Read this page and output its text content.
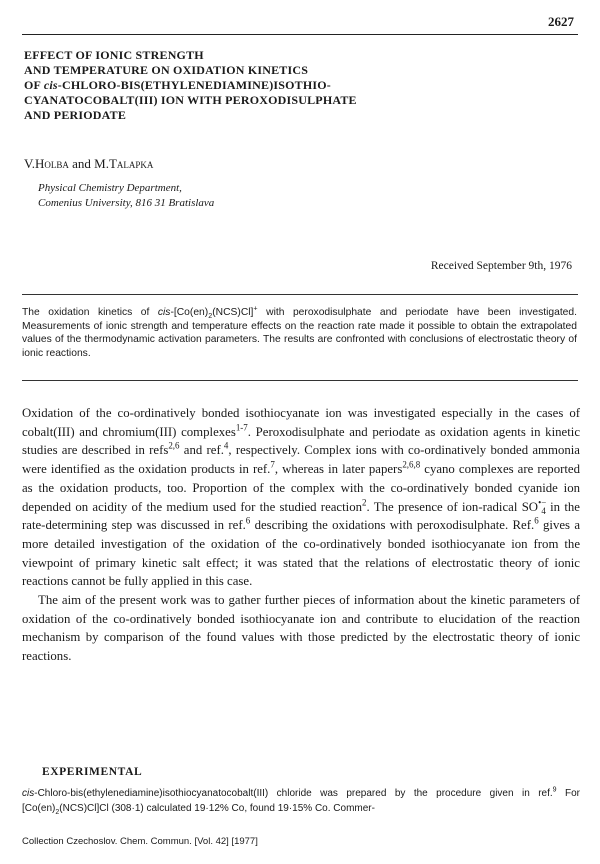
2627
EFFECT OF IONIC STRENGTH
AND TEMPERATURE ON OXIDATION KINETICS
OF cis-CHLORO-BIS(ETHYLENEDIAMINE)ISOTHIO-
CYANATOCOBALT(III) ION WITH PEROXODISULPHATE
AND PERIODATE
V.Holba and M.Talapka
Physical Chemistry Department,
Comenius University, 816 31 Bratislava
Received September 9th, 1976
The oxidation kinetics of cis-$[Co(en)_2(NCS)Cl]^+$ with peroxodisulphate and periodate have been investigated. Measurements of ionic strength and temperature effects on the reaction rate made it possible to obtain the extrapolated values of the thermodynamic activation parameters. The results are confronted with conclusions of electrostatic theory of ionic reactions.

Oxidation of the co-ordinatively bonded isothiocyanate ion was investigated especially in the cases of cobalt(III) and chromium(III) complexes$^{1-7}$. Peroxodisulphate and periodate as oxidation agents in kinetic studies are described in refs$^{2,6}$ and ref.$^4$, respectively. Complex ions with co-ordinatively bonded ammonia were identified as the oxidation products in ref.$^7$, whereas in later papers$^{2,6,8}$ cyano complexes are reported as the oxidation products, too. Proportion of the complex with the co-ordinatively bonded cyanide ion depended on acidity of the medium used for the studied reaction$^2$. The presence of ion-radical $SO^{•-}_4$ in the rate-determining step was discussed in ref.$^6$ describing the oxidations with peroxodisulphate. Ref.$^6$ gives a more detailed investigation of the oxidation of the co-ordinatively bonded isothiocyanate ion from the viewpoint of primary kinetic salt effect; it was stated that the relations of electrostatic theory of ionic reactions cannot be fully applied in this case.

The aim of the present work was to gather further pieces of information about the kinetic parameters of oxidation of the co-ordinatively bonded isothiocyanate ion and contribute to elucidation of the reaction mechanism by comparison of the found values with those predicted by the electrostatic theory of ionic reactions.

EXPERIMENTAL
cis-Chloro-bis(ethylenediamine)isothiocyanatocobalt(III) chloride was prepared by the procedure given in ref.$^9$ For $[Co(en)_2(NCS)Cl]Cl$ (308·1) calculated 19·12% Co, found 19·15% Co. Commer-
Collection Czechoslov. Chem. Commun. [Vol. 42] [1977]
